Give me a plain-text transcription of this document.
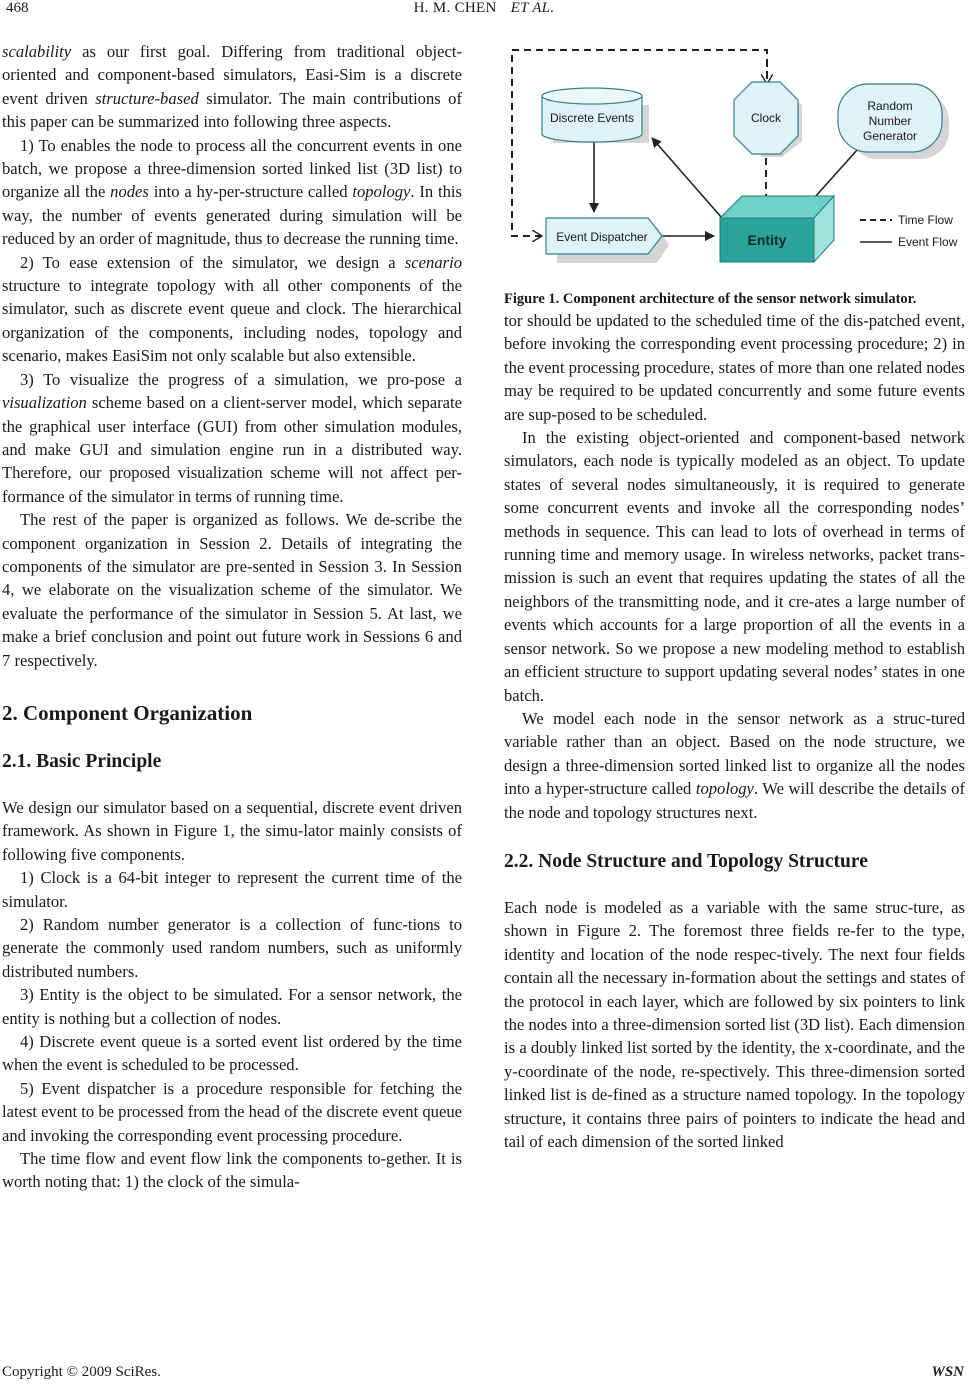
468	H. M. CHEN ET AL.

scalability as our first goal. Differing from traditional object-oriented and component-based simulators, Easi-Sim is a discrete event driven structure-based simulator. The main contributions of this paper can be summarized into following three aspects.

1) To enables the node to process all the concurrent events in one batch, we propose a three-dimension sorted linked list (3D list) to organize all the nodes into a hy-per-structure called topology. In this way, the number of events generated during simulation will be reduced by an order of magnitude, thus to decrease the running time.

2) To ease extension of the simulator, we design a scenario structure to integrate topology with all other components of the simulator, such as discrete event queue and clock. The hierarchical organization of the components, including nodes, topology and scenario, makes EasiSim not only scalable but also extensible.

3) To visualize the progress of a simulation, we pro-pose a visualization scheme based on a client-server model, which separate the graphical user interface (GUI) from other simulation modules, and make GUI and simulation engine run in a distributed way. Therefore, our proposed visualization scheme will not affect per-formance of the simulator in terms of running time.

The rest of the paper is organized as follows. We de-scribe the component organization in Session 2. Details of integrating the components of the simulator are pre-sented in Session 3. In Session 4, we elaborate on the visualization scheme of the simulator. We evaluate the performance of the simulator in Session 5. At last, we make a brief conclusion and point out future work in Sessions 6 and 7 respectively.

2. Component Organization
2.1. Basic Principle

We design our simulator based on a sequential, discrete event driven framework. As shown in Figure 1, the simu-lator mainly consists of following five components.

1) Clock is a 64-bit integer to represent the current time of the simulator.

2) Random number generator is a collection of func-tions to generate the commonly used random numbers, such as uniformly distributed numbers.

3) Entity is the object to be simulated. For a sensor network, the entity is nothing but a collection of nodes.

4) Discrete event queue is a sorted event list ordered by the time when the event is scheduled to be processed.

5) Event dispatcher is a procedure responsible for fetching the latest event to be processed from the head of the discrete event queue and invoking the corresponding event processing procedure.

The time flow and event flow link the components to-gether. It is worth noting that: 1) the clock of the simula-

Discrete Events	Clock
Random
Number
Generator
Event Dispatcher	Entity
Time Flow
Event Flow

Figure 1. Component architecture of the sensor network simulator.

tor should be updated to the scheduled time of the dis-patched event, before invoking the corresponding event processing procedure; 2) in the event processing procedure, states of more than one related nodes may be required to be updated concurrently and some future events are sup-posed to be scheduled.

In the existing object-oriented and component-based network simulators, each node is typically modeled as an object. To update states of several nodes simultaneously, it is required to generate some concurrent events and invoke all the corresponding nodes’ methods in sequence. This can lead to lots of overhead in terms of running time and memory usage. In wireless networks, packet trans-mission is such an event that requires updating the states of all the neighbors of the transmitting node, and it cre-ates a large number of events which accounts for a large proportion of all the events in a sensor network. So we propose a new modeling method to establish an efficient structure to support updating several nodes’ states in one batch.

We model each node in the sensor network as a struc-tured variable rather than an object. Based on the node structure, we design a three-dimension sorted linked list to organize all the nodes into a hyper-structure called topology. We will describe the details of the node and topology structures next.

2.2. Node Structure and Topology Structure

Each node is modeled as a variable with the same struc-ture, as shown in Figure 2. The foremost three fields re-fer to the type, identity and location of the node respec-tively. The next four fields contain all the necessary in-formation about the settings and states of the protocol in each layer, which are followed by six pointers to link the nodes into a three-dimension sorted list (3D list). Each dimension is a doubly linked list sorted by the identity, the x-coordinate, and the y-coordinate of the node, re-spectively. This three-dimension sorted linked list is de-fined as a structure named topology. In the topology structure, it contains three pairs of pointers to indicate the head and tail of each dimension of the sorted linked

Copyright © 2009 SciRes.	WSN
